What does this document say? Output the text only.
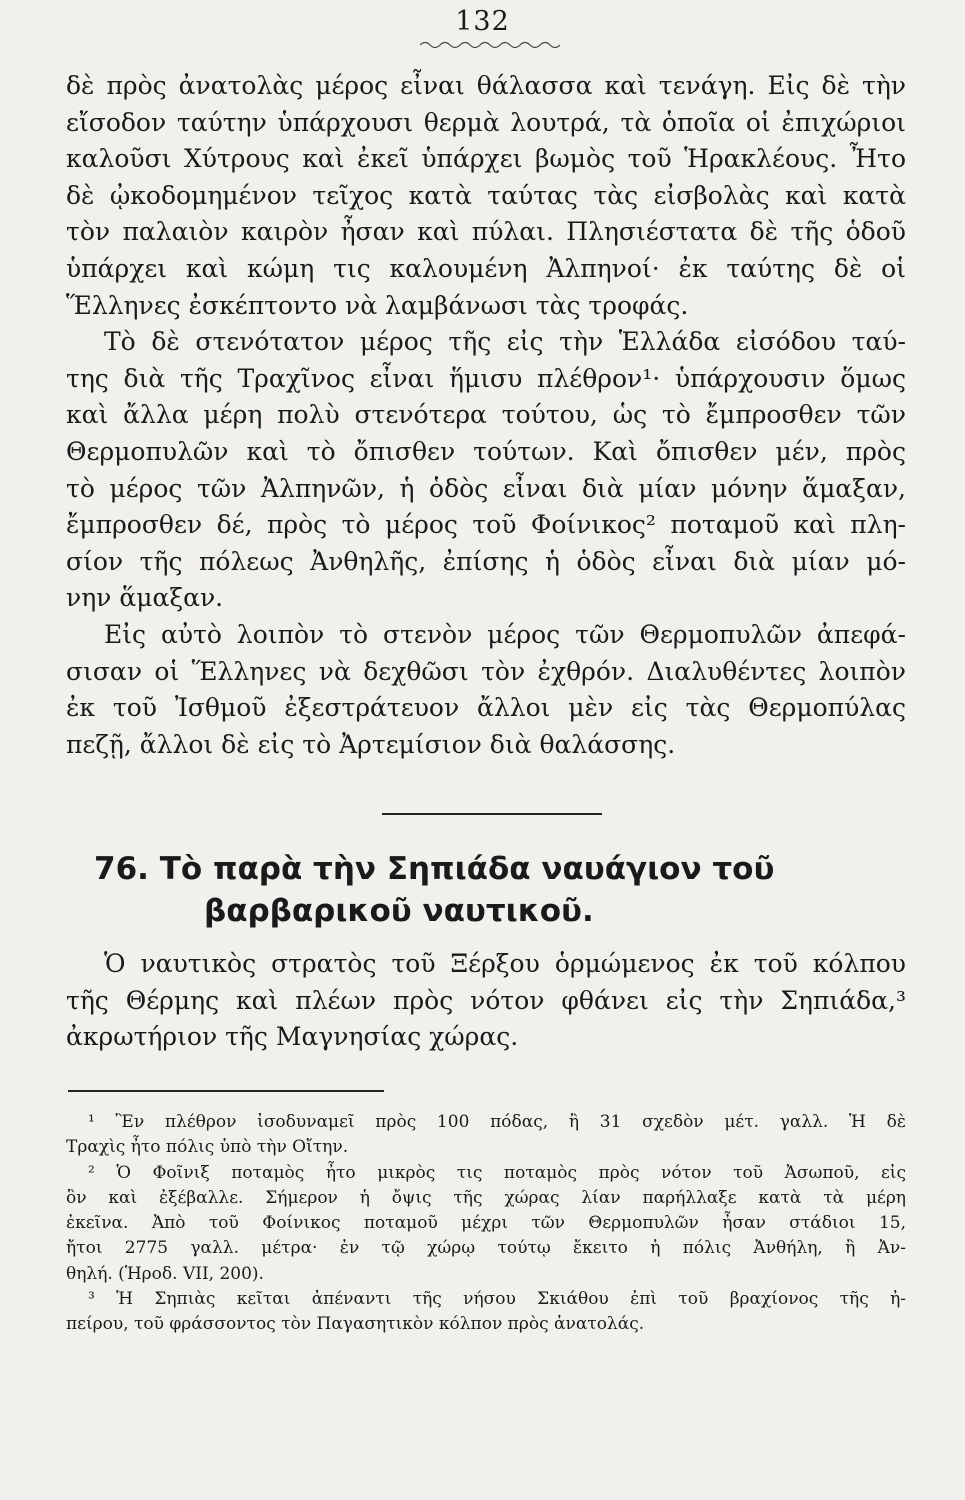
132
δὲ πρὸς ἀνατολὰς μέρος εἶναι θάλασσα καὶ τενάγη. Εἰς δὲ τὴν
εἴσοδον ταύτην ὑπάρχουσι θερμὰ λουτρά, τὰ ὁποῖα οἱ ἐπιχώριοι
καλοῦσι Χύτρους καὶ ἐκεῖ ὑπάρχει βωμὸς τοῦ Ἡρακλέους. Ἦτο
δὲ ᾠκοδομημένον τεῖχος κατὰ ταύτας τὰς εἰσβολὰς καὶ κατὰ
τὸν παλαιὸν καιρὸν ἦσαν καὶ πύλαι. Πλησιέστατα δὲ τῆς ὁδοῦ
ὑπάρχει καὶ κώμη τις καλουμένη Ἀλπηνοί· ἐκ ταύτης δὲ οἱ
Ἕλληνες ἐσκέπτοντο νὰ λαμβάνωσι τὰς τροφάς.
Τὸ δὲ στενότατον μέρος τῆς εἰς τὴν Ἑλλάδα εἰσόδου ταύ-
της διὰ τῆς Τραχῖνος εἶναι ἥμισυ πλέθρον¹· ὑπάρχουσιν ὅμως
καὶ ἄλλα μέρη πολὺ στενότερα τούτου, ὡς τὸ ἔμπροσθεν τῶν
Θερμοπυλῶν καὶ τὸ ὄπισθεν τούτων. Καὶ ὄπισθεν μέν, πρὸς
τὸ μέρος τῶν Ἀλπηνῶν, ἡ ὁδὸς εἶναι διὰ μίαν μόνην ἅμαξαν,
ἔμπροσθεν δέ, πρὸς τὸ μέρος τοῦ Φοίνικος² ποταμοῦ καὶ πλη-
σίον τῆς πόλεως Ἀνθηλῆς, ἐπίσης ἡ ὁδὸς εἶναι διὰ μίαν μό-
νην ἅμαξαν.
Εἰς αὐτὸ λοιπὸν τὸ στενὸν μέρος τῶν Θερμοπυλῶν ἀπεφά-
σισαν οἱ Ἕλληνες νὰ δεχθῶσι τὸν ἐχθρόν. Διαλυθέντες λοιπὸν
ἐκ τοῦ Ἰσθμοῦ ἐξεστράτευον ἄλλοι μὲν εἰς τὰς Θερμοπύλας
πεζῇ, ἄλλοι δὲ εἰς τὸ Ἀρτεμίσιον διὰ θαλάσσης.
76. Τὸ παρὰ τὴν Σηπιάδα ναυάγιον τοῦ
βαρβαρικοῦ ναυτικοῦ.
Ὁ ναυτικὸς στρατὸς τοῦ Ξέρξου ὁρμώμενος ἐκ τοῦ κόλπου
τῆς Θέρμης καὶ πλέων πρὸς νότον φθάνει εἰς τὴν Σηπιάδα,³
ἀκρωτήριον τῆς Μαγνησίας χώρας.
¹ Ἓν πλέθρον ἰσοδυναμεῖ πρὸς 100 πόδας, ἢ 31 σχεδὸν μέτ. γαλλ. Ἡ δὲ
Τραχὶς ἦτο πόλις ὑπὸ τὴν Οἴτην.
² Ὁ Φοῖνιξ ποταμὸς ἦτο μικρὸς τις ποταμὸς πρὸς νότον τοῦ Ἀσωποῦ, εἰς
ὃν καὶ ἐξέβαλλε. Σήμερον ἡ ὄψις τῆς χώρας λίαν παρήλλαξε κατὰ τὰ μέρη
ἐκεῖνα. Ἀπὸ τοῦ Φοίνικος ποταμοῦ μέχρι τῶν Θερμοπυλῶν ἦσαν στάδιοι 15,
ἤτοι 2775 γαλλ. μέτρα· ἐν τῷ χώρῳ τούτῳ ἔκειτο ἡ πόλις Ἀνθήλη, ἢ Ἀν-
θηλή. (Ἡροδ. VII, 200).
³ Ἡ Σηπιὰς κεῖται ἀπέναντι τῆς νήσου Σκιάθου ἐπὶ τοῦ βραχίονος τῆς ἠ-
πείρου, τοῦ φράσσοντος τὸν Παγασητικὸν κόλπον πρὸς ἀνατολάς.
